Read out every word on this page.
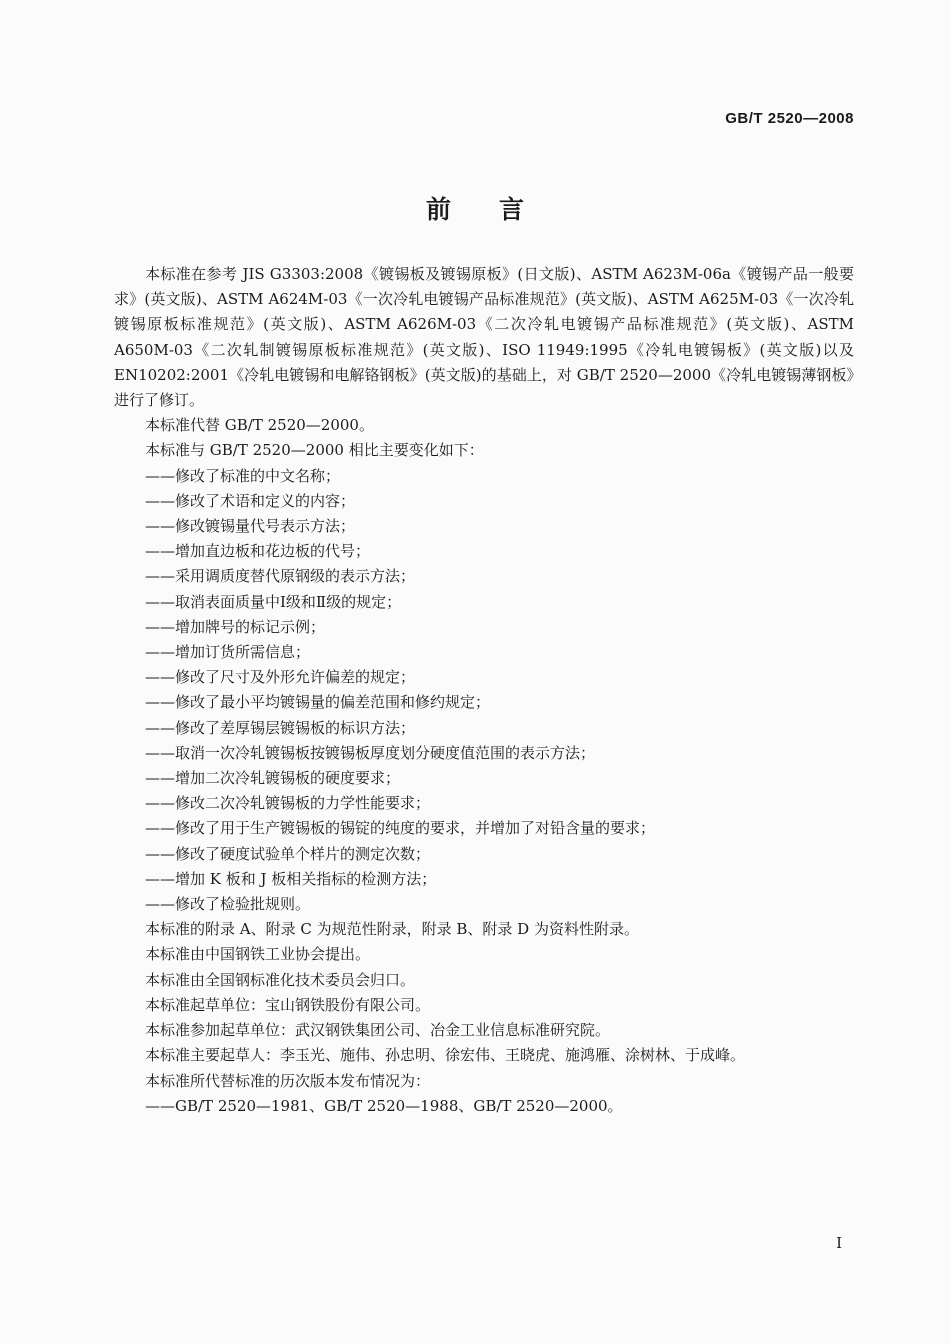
GB/T 2520—2008
前言

本标准在参考 JIS G3303:2008《镀锡板及镀锡原板》(日文版)、ASTM A623M-06a《镀锡产品一般要求》(英文版)、ASTM A624M-03《一次冷轧电镀锡产品标准规范》(英文版)、ASTM A625M-03《一次冷轧镀锡原板标准规范》(英文版)、ASTM A626M-03《二次冷轧电镀锡产品标准规范》(英文版)、ASTM A650M-03《二次轧制镀锡原板标准规范》(英文版)、ISO 11949:1995《冷轧电镀锡板》(英文版)以及 EN10202:2001《冷轧电镀锡和电解铬钢板》(英文版)的基础上，对 GB/T 2520—2000《冷轧电镀锡薄钢板》进行了修订。

本标准代替 GB/T 2520—2000。

本标准与 GB/T 2520—2000 相比主要变化如下：

——修改了标准的中文名称；
——修改了术语和定义的内容；
——修改镀锡量代号表示方法；
——增加直边板和花边板的代号；
——采用调质度替代原钢级的表示方法；
——取消表面质量中Ⅰ级和Ⅱ级的规定；
——增加牌号的标记示例；
——增加订货所需信息；
——修改了尺寸及外形允许偏差的规定；
——修改了最小平均镀锡量的偏差范围和修约规定；
——修改了差厚锡层镀锡板的标识方法；
——取消一次冷轧镀锡板按镀锡板厚度划分硬度值范围的表示方法；
——增加二次冷轧镀锡板的硬度要求；
——修改二次冷轧镀锡板的力学性能要求；
——修改了用于生产镀锡板的锡锭的纯度的要求，并增加了对铅含量的要求；
——修改了硬度试验单个样片的测定次数；
——增加 K 板和 J 板相关指标的检测方法；
——修改了检验批规则。

本标准的附录 A、附录 C 为规范性附录，附录 B、附录 D 为资料性附录。

本标准由中国钢铁工业协会提出。

本标准由全国钢标准化技术委员会归口。

本标准起草单位：宝山钢铁股份有限公司。

本标准参加起草单位：武汉钢铁集团公司、冶金工业信息标准研究院。

本标准主要起草人：李玉光、施伟、孙忠明、徐宏伟、王晓虎、施鸿雁、涂树林、于成峰。

本标准所代替标准的历次版本发布情况为：

——GB/T 2520—1981、GB/T 2520—1988、GB/T 2520—2000。
I
